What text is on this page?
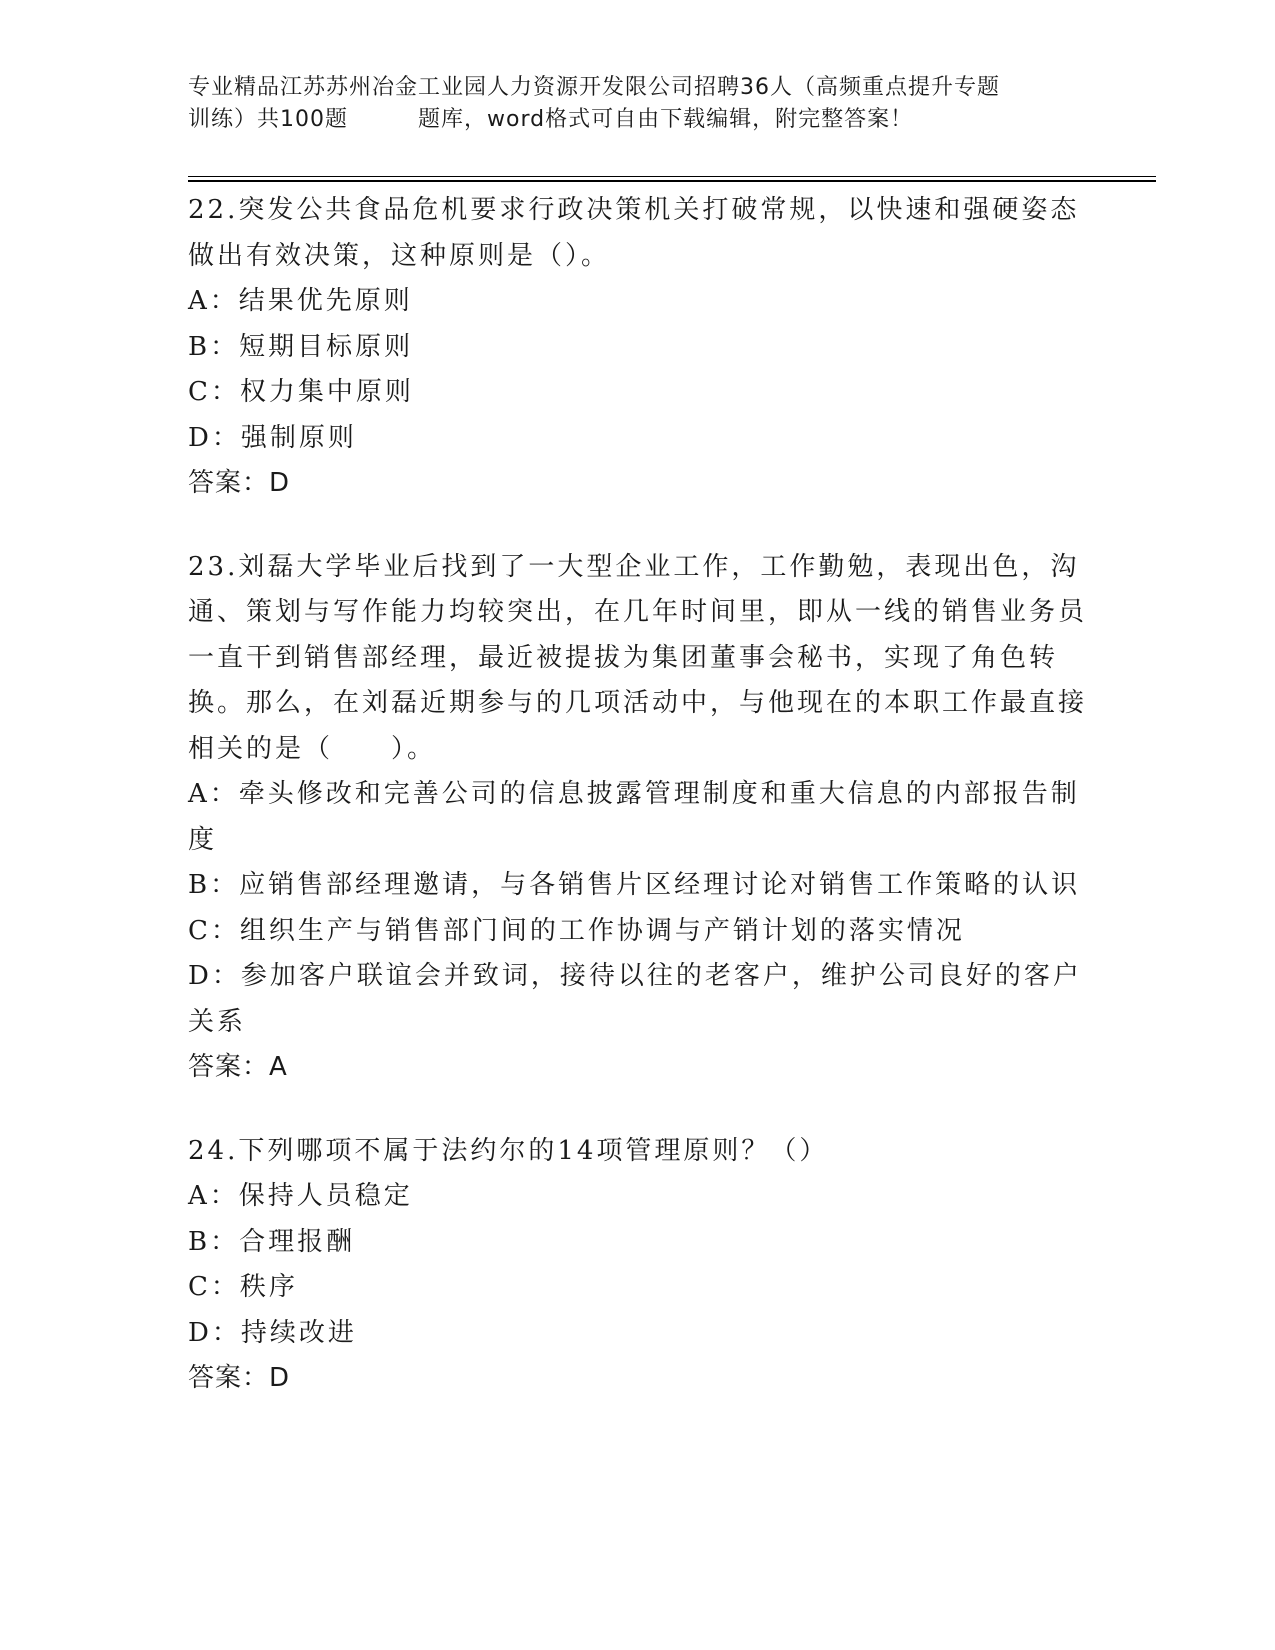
专业精品江苏苏州冶金工业园人力资源开发限公司招聘36人（高频重点提升专题
训练）共100题	题库，word格式可自由下载编辑，附完整答案！

22.突发公共食品危机要求行政决策机关打破常规，以快速和强硬姿态做出有效决策，这种原则是（）。

A：结果优先原则

B：短期目标原则

C：权力集中原则

D：强制原则

答案：D

23.刘磊大学毕业后找到了一大型企业工作，工作勤勉，表现出色，沟通、策划与写作能力均较突出，在几年时间里，即从一线的销售业务员一直干到销售部经理，最近被提拔为集团董事会秘书，实现了角色转换。那么，在刘磊近期参与的几项活动中，与他现在的本职工作最直接相关的是（　　）。

A：牵头修改和完善公司的信息披露管理制度和重大信息的内部报告制度

B：应销售部经理邀请，与各销售片区经理讨论对销售工作策略的认识

C：组织生产与销售部门间的工作协调与产销计划的落实情况

D：参加客户联谊会并致词，接待以往的老客户，维护公司良好的客户关系

答案：A

24.下列哪项不属于法约尔的14项管理原则？（）

A：保持人员稳定

B：合理报酬

C：秩序

D：持续改进

答案：D
